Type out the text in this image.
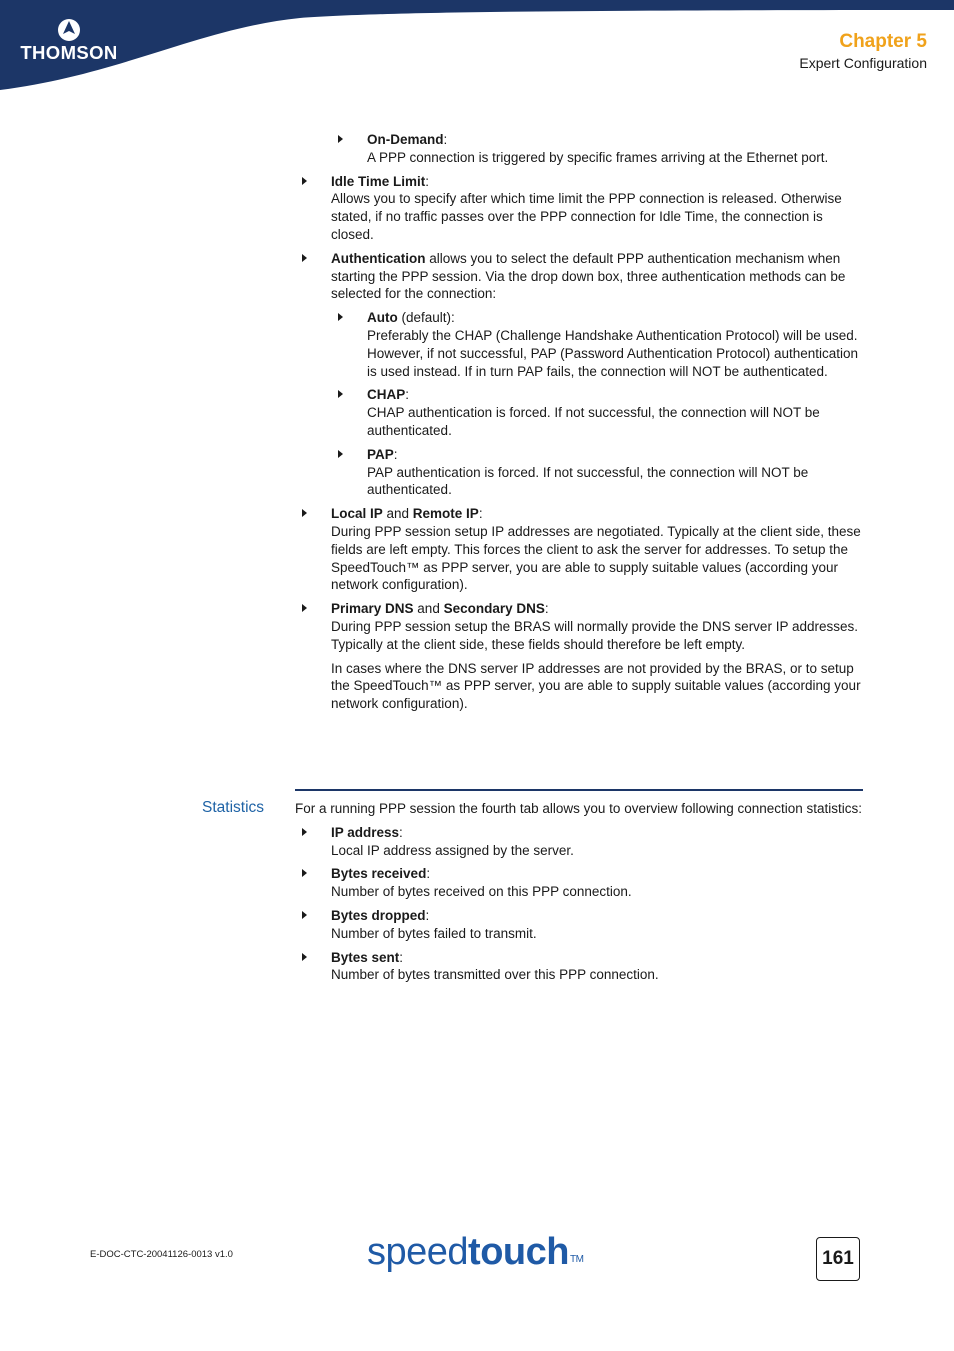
THOMSON
Chapter 5
Expert Configuration

On-Demand:

A PPP connection is triggered by specific frames arriving at the Ethernet port.

Idle Time Limit:

Allows you to specify after which time limit the PPP connection is released. Otherwise stated, if no traffic passes over the PPP connection for Idle Time, the connection is closed.

Authentication allows you to select the default PPP authentication mechanism when starting the PPP session. Via the drop down box, three authentication methods can be selected for the connection:

Auto (default):

Preferably the CHAP (Challenge Handshake Authentication Protocol) will be used. However, if not successful, PAP (Password Authentication Protocol) authentication is used instead. If in turn PAP fails, the connection will NOT be authenticated.

CHAP:

CHAP authentication is forced. If not successful, the connection will NOT be authenticated.

PAP:

PAP authentication is forced. If not successful, the connection will NOT be authenticated.

Local IP and Remote IP:

During PPP session setup IP addresses are negotiated. Typically at the client side, these fields are left empty. This forces the client to ask the server for addresses. To setup the SpeedTouch™ as PPP server, you are able to supply suitable values (according your network configuration).

Primary DNS and Secondary DNS:

During PPP session setup the BRAS will normally provide the DNS server IP addresses. Typically at the client side, these fields should therefore be left empty.

In cases where the DNS server IP addresses are not provided by the BRAS, or to setup the SpeedTouch™ as PPP server, you are able to supply suitable values (according your network configuration).

Statistics For a running PPP session the fourth tab allows you to overview following connection statistics:

IP address:

Local IP address assigned by the server.

Bytes received:

Number of bytes received on this PPP connection.

Bytes dropped:

Number of bytes failed to transmit.

Bytes sent:

Number of bytes transmitted over this PPP connection.

E-DOC-CTC-20041126-0013 v1.0	speedtouch™	161
